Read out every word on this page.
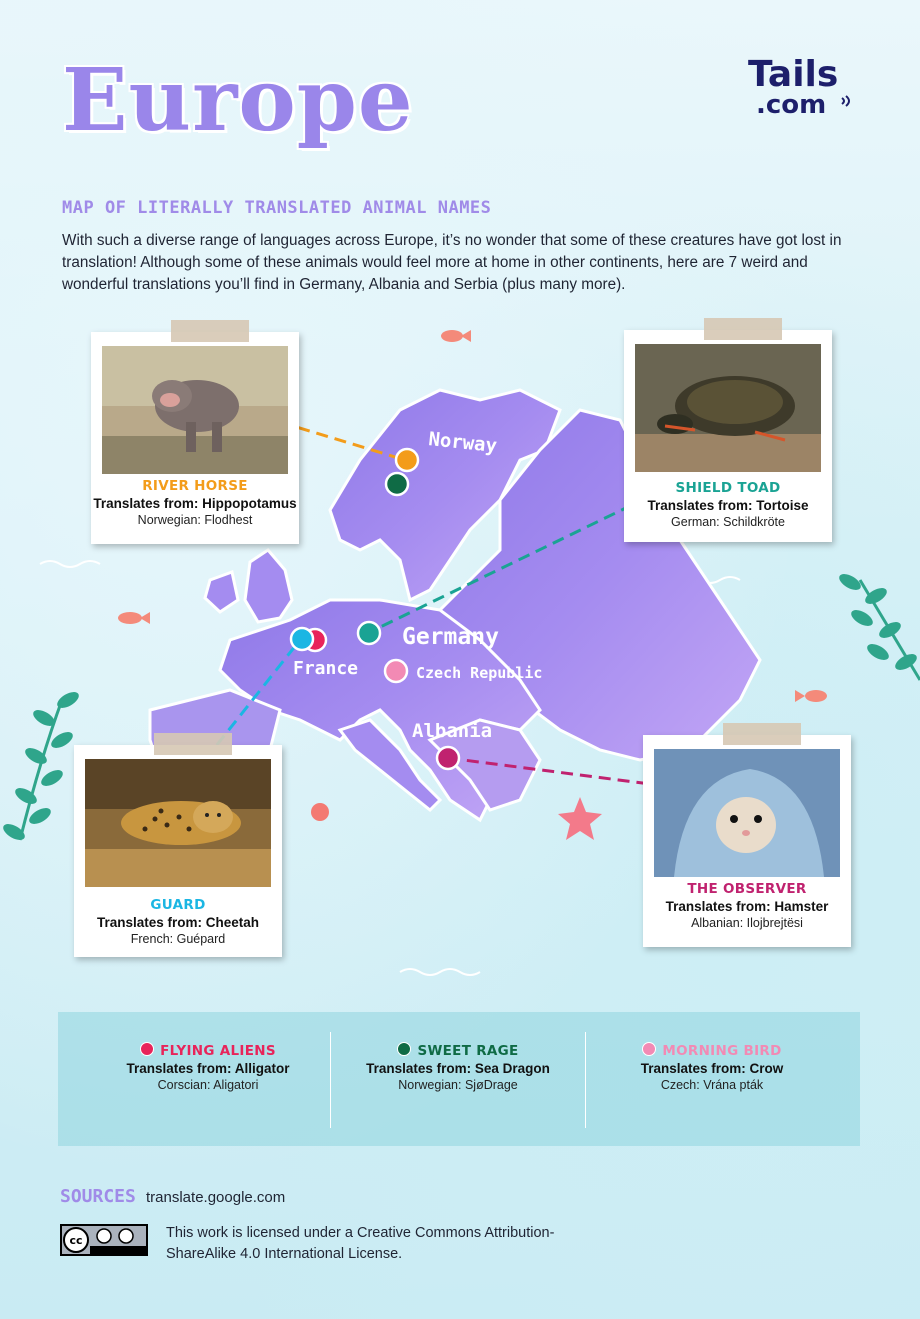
Europe	Tails
.com
MAP OF LITERALLY TRANSLATED ANIMAL NAMES
With such a diverse range of languages across Europe, it’s no wonder that some of these creatures have got lost in translation! Although some of these animals would feel more at home in other continents, here are 7 weird and wonderful translations you’ll find in Germany, Albania and Serbia (plus many more).
Norway
Germany
France	Czech Republic
Albania
RIVER HORSE
Translates from: Hippopotamus
Norwegian: Flodhest
SHIELD TOAD
Translates from: Tortoise
German: Schildkröte
GUARD
Translates from: Cheetah
French: Guépard
THE OBSERVER
Translates from: Hamster
Albanian: Ilojbrejtësi
FLYING ALIENS
Translates from: Alligator
Corscian: Aligatori
SWEET RAGE
Translates from: Sea Dragon
Norwegian: SjøDrage
MORNING BIRD
Translates from: Crow
Czech: Vrána pták
SOURCES translate.google.com
cc	This work is licensed under a Creative Commons Attribution-ShareAlike 4.0 International License.
